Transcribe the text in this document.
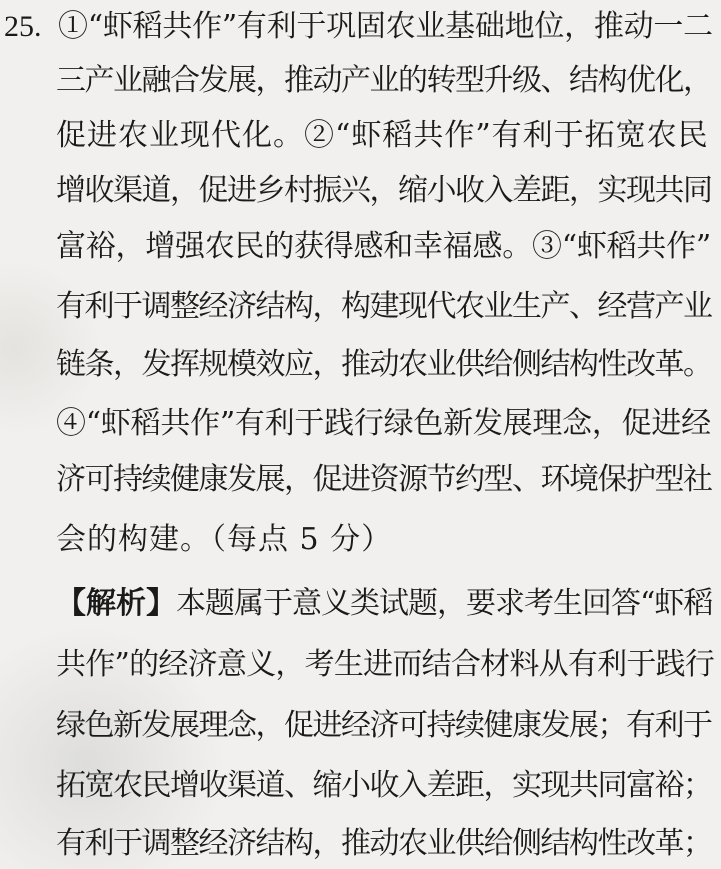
25. ①“虾稻共作”有利于巩固农业基础地位，推动一二
三产业融合发展，推动产业的转型升级、结构优化，
促进农业现代化。②“虾稻共作”有利于拓宽农民
增收渠道，促进乡村振兴，缩小收入差距，实现共同
富裕，增强农民的获得感和幸福感。③“虾稻共作”
有利于调整经济结构，构建现代农业生产、经营产业
链条，发挥规模效应，推动农业供给侧结构性改革。
④“虾稻共作”有利于践行绿色新发展理念，促进经
济可持续健康发展，促进资源节约型、环境保护型社
会的构建。（每点 5 分）
【解析】本题属于意义类试题，要求考生回答“虾稻
共作”的经济意义，考生进而结合材料从有利于践行
绿色新发展理念，促进经济可持续健康发展；有利于
拓宽农民增收渠道、缩小收入差距，实现共同富裕；
有利于调整经济结构，推动农业供给侧结构性改革；
